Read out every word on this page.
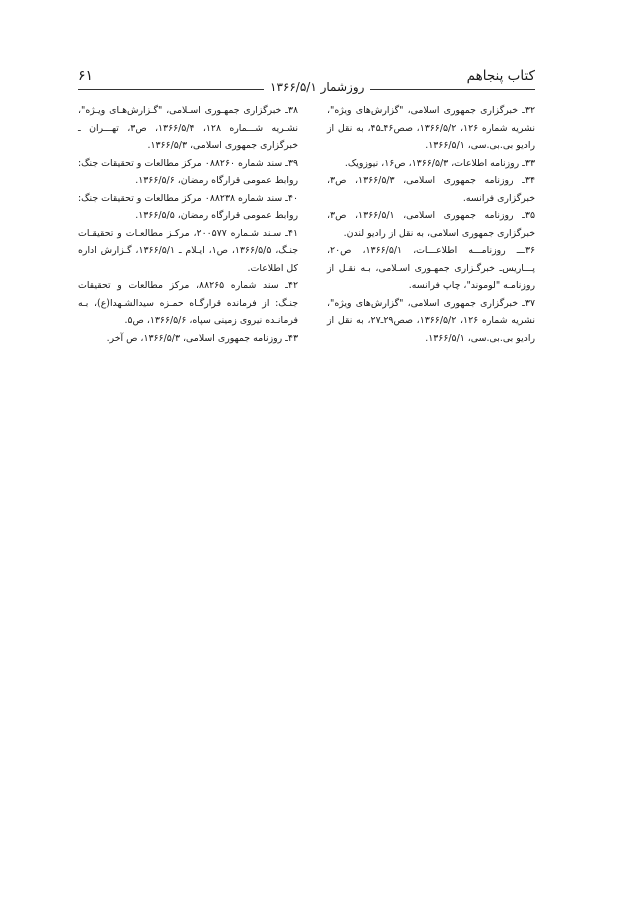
کتاب پنجاهم
روزشمار ۱۳۶۶/۵/۱
۶۱

۳۲ـ خبرگزاری جمهوری اسلامی، "گزارش‌های ویژه"، نشریه شماره ۱۲۶، ۱۳۶۶/۵/۲، صص۴۶ـ۴۵، به نقل از رادیو بی.بی.سی، ۱۳۶۶/۵/۱.

۳۳ـ روزنامه اطلاعات، ۱۳۶۶/۵/۳، ص۱۶، نیوزویک.

۳۴ـ روزنامه جمهوری اسلامی، ۱۳۶۶/۵/۳، ص۳، خبرگزاری فرانسه.

۳۵ـ روزنامه جمهوری اسلامی، ۱۳۶۶/۵/۱، ص۳، خبرگزاری جمهوری اسلامی، به نقل از رادیو لندن.

۳۶ـــ روزنامـــه اطلاعـــات، ۱۳۶۶/۵/۱، ص۲۰، پـــاریس‌ـ خبرگـزاری جمهـوری اسـلامی، بـه نقـل از روزنامـه "لوموند"، چاپ فرانسه.

۳۷ـ خبرگزاری جمهوری اسلامی، "گزارش‌های ویژه"، نشریه شماره ۱۲۶، ۱۳۶۶/۵/۲، صص۲۹ـ۲۷، به نقل از رادیو بی.بی.سی، ۱۳۶۶/۵/۱.

۳۸ـ خبرگزاری جمهـوری اسـلامی، "گـزارش‌هـای ویـژه"، نشـریه شـــماره ۱۲۸، ۱۳۶۶/۵/۴، ص۳، تهـــران ـ خبرگزاری جمهوری اسلامی، ۱۳۶۶/۵/۳.

۳۹ـ سند شماره ۰۸۸۲۶۰ مرکز مطالعات و تحقیقات جنگ: روابط عمومی قرارگاه رمضان، ۱۳۶۶/۵/۶.

۴۰ـ سند شماره ۰۸۸۲۳۸ مرکز مطالعات و تحقیقات جنگ: روابط عمومی قرارگاه رمضان، ۱۳۶۶/۵/۵.

۴۱ـ سـند شـماره ۲۰۰۵۷۷، مرکـز مطالعـات و تحقیقـات جنـگ، ۱۳۶۶/۵/۵، ص۱، ایـلام ـ ۱۳۶۶/۵/۱، گـزارش اداره کل اطلاعات.

۴۲ـ سند شماره ۸۸۲۶۵، مرکز مطالعات و تحقیقات جنـگ: از فرمانده قرارگـاه حمـزه سیدالشـهدا(ع)، بـه فرمانـده نیروی زمینی سپاه، ۱۳۶۶/۵/۶، ص۵.

۴۳ـ روزنامه جمهوری اسلامی، ۱۳۶۶/۵/۳، ص آخر.
